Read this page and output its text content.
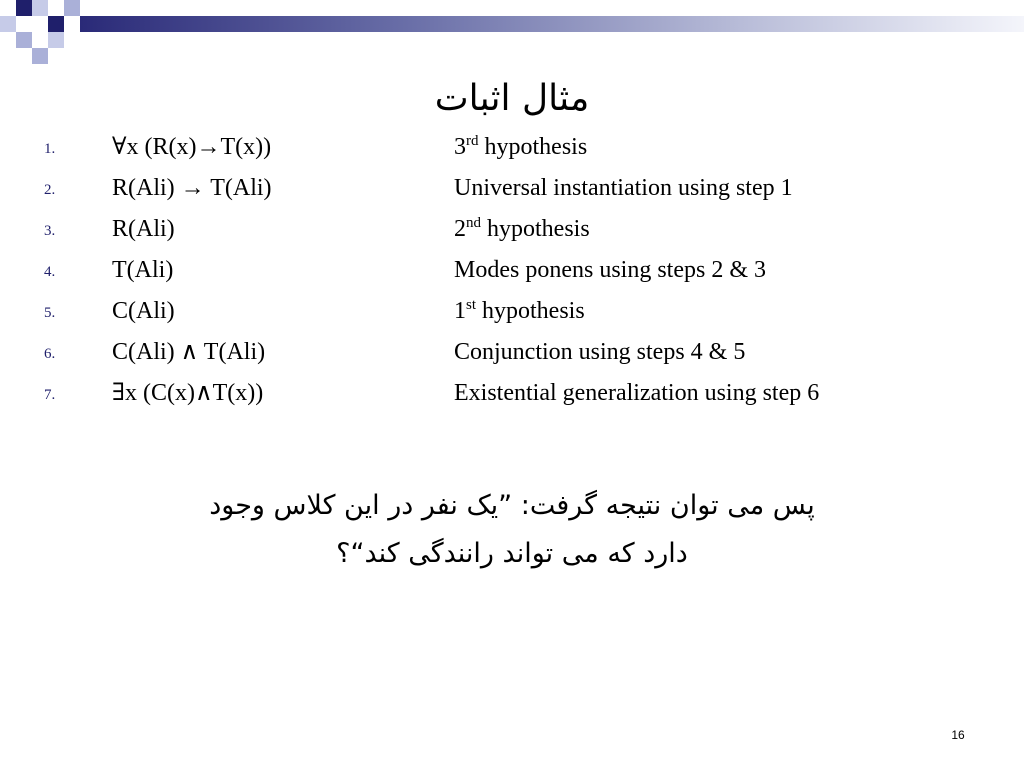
مثال اثبات
1. ∀x (R(x)→T(x))	3rd hypothesis
2. R(Ali) → T(Ali)	Universal instantiation using step 1
3. R(Ali)	2nd hypothesis
4. T(Ali)	Modes ponens using steps 2 & 3
5. C(Ali)	1st hypothesis
6. C(Ali) ∧ T(Ali)	Conjunction using steps 4 & 5
7. ∃x (C(x)∧T(x))	Existential generalization using step 6
پس می توان نتیجه گرفت: ”یک نفر در این کلاس وجود
دارد که می تواند رانندگی کند“؟
16
